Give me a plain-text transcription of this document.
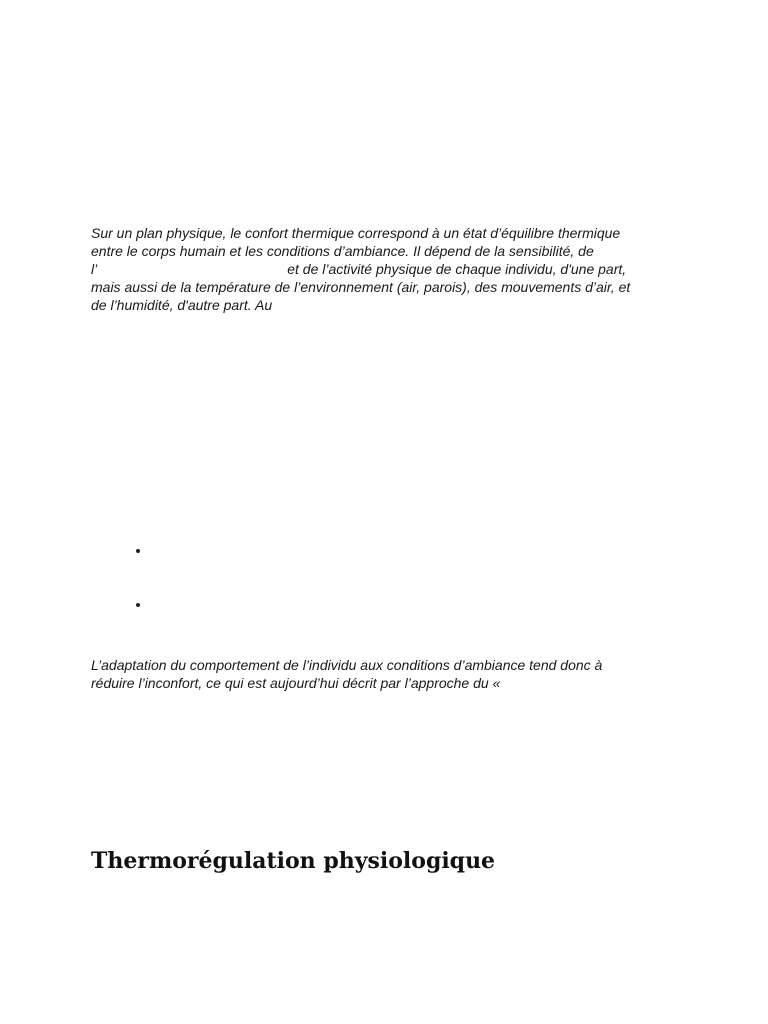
Sur un plan physique, le confort thermique correspond à un état d’équilibre thermique
entre le corps humain et les conditions d’ambiance. Il dépend de la sensibilité, de
l’	et de l’activité physique de chaque individu, d'une part,
mais aussi de la température de l’environnement (air, parois), des mouvements d’air, et
de l’humidité, d'autre part. Au

L’adaptation du comportement de l’individu aux conditions d’ambiance tend donc à
réduire l’inconfort, ce qui est aujourd’hui décrit par l’approche du «

Thermorégulation physiologique
